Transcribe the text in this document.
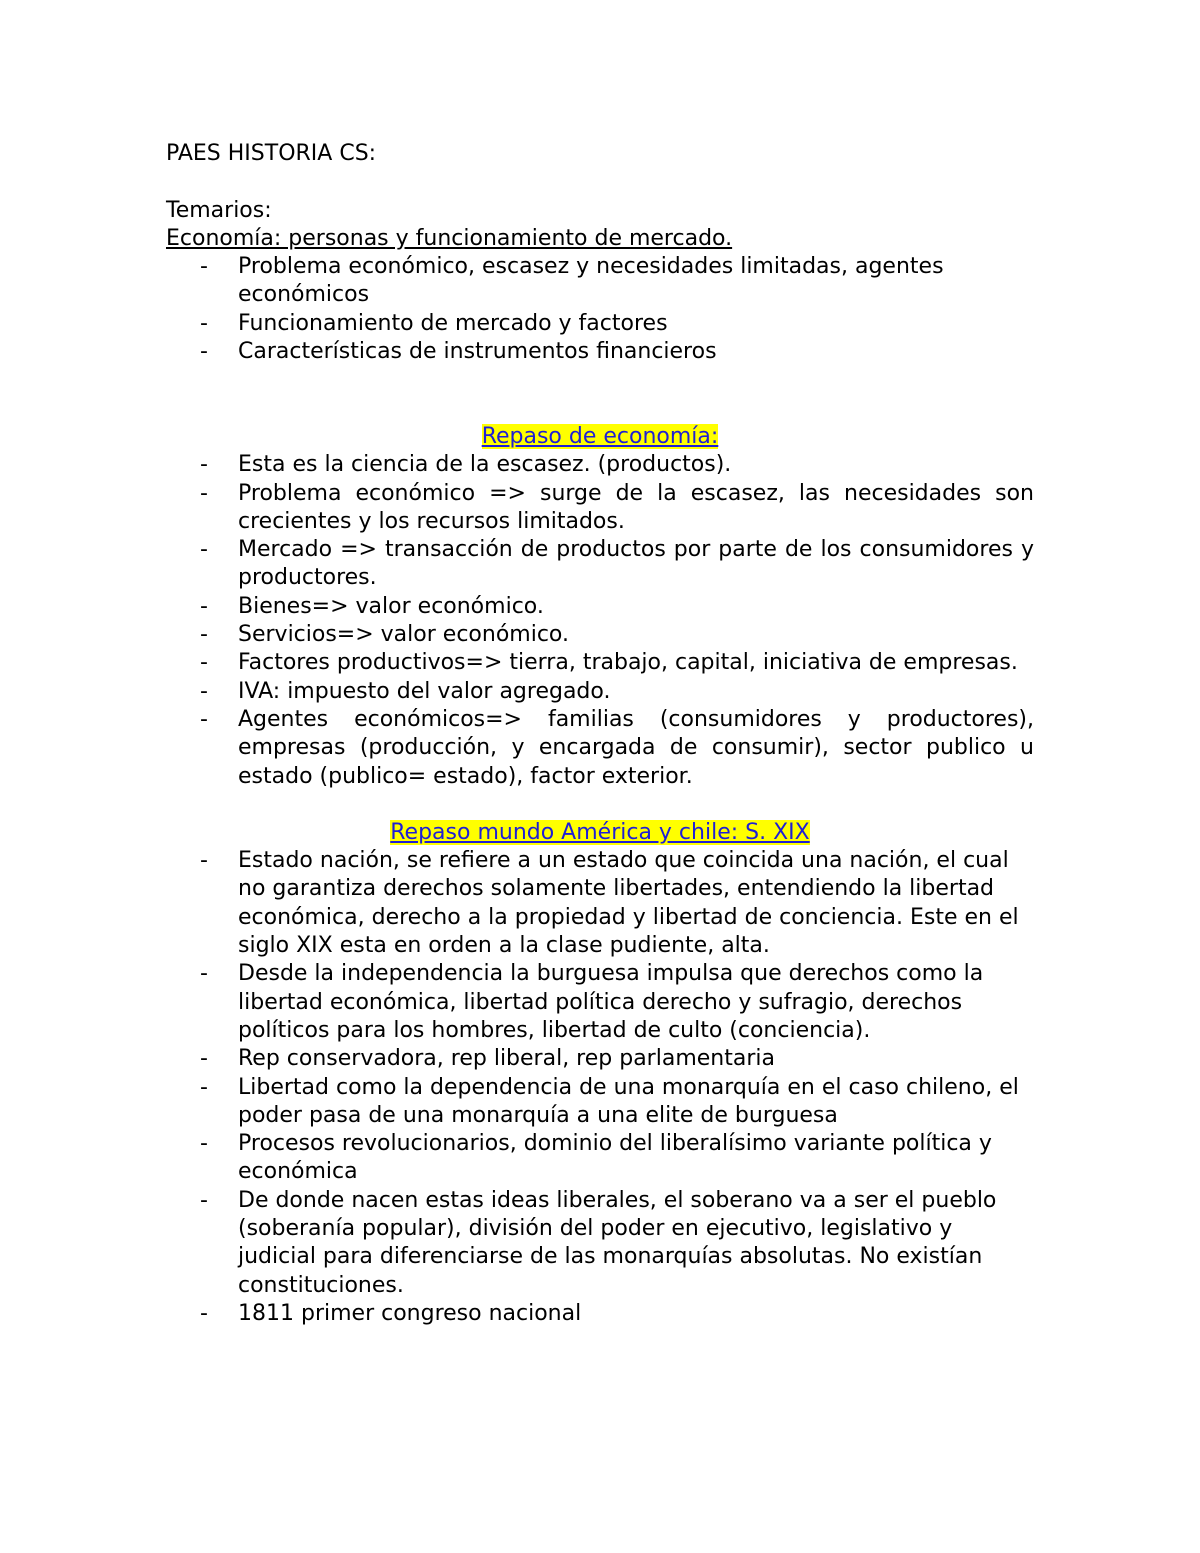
PAES HISTORIA CS:

Temarios:

Economía: personas y funcionamiento de mercado.

- Problema económico, escasez y necesidades limitadas, agentes económicos
- Funcionamiento de mercado y factores
- Características de instrumentos financieros

Repaso de economía:

- Esta es la ciencia de la escasez. (productos).
- Problema económico => surge de la escasez, las necesidades son crecientes y los recursos limitados.
- Mercado => transacción de productos por parte de los consumidores y productores.
- Bienes=> valor económico.
- Servicios=> valor económico.
- Factores productivos=> tierra, trabajo, capital, iniciativa de empresas.
- IVA: impuesto del valor agregado.
- Agentes económicos=> familias (consumidores y productores), empresas (producción, y encargada de consumir), sector publico u estado (publico= estado), factor exterior.

Repaso mundo América y chile: S. XIX

- Estado nación, se refiere a un estado que coincida una nación, el cual no garantiza derechos solamente libertades, entendiendo la libertad económica, derecho a la propiedad y libertad de conciencia. Este en el siglo XIX esta en orden a la clase pudiente, alta.
- Desde la independencia la burguesa impulsa que derechos como la libertad económica, libertad política derecho y sufragio, derechos políticos para los hombres, libertad de culto (conciencia).
- Rep conservadora, rep liberal, rep parlamentaria
- Libertad como la dependencia de una monarquía en el caso chileno, el poder pasa de una monarquía a una elite de burguesa
- Procesos revolucionarios, dominio del liberalísimo variante política y económica
- De donde nacen estas ideas liberales, el soberano va a ser el pueblo (soberanía popular), división del poder en ejecutivo, legislativo y judicial para diferenciarse de las monarquías absolutas. No existían constituciones.
- 1811 primer congreso nacional
